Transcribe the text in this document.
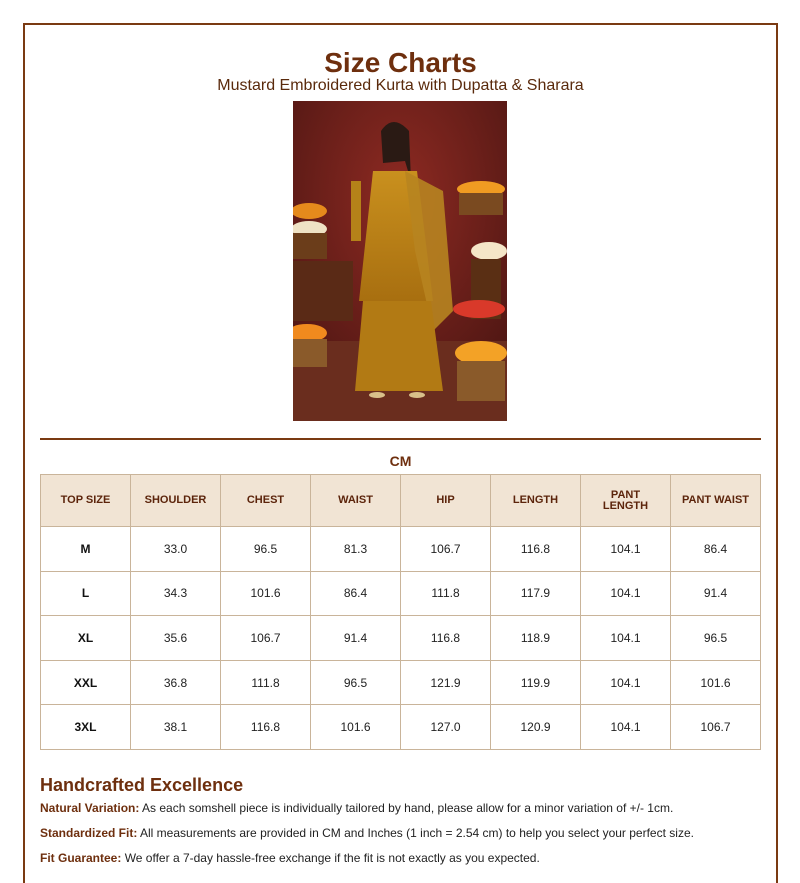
Size Charts
Mustard Embroidered Kurta with Dupatta & Sharara
CM
TOP SIZE	SHOULDER	CHEST	WAIST	HIP	LENGTH	PANT LENGTH	PANT WAIST
M	33.0	96.5	81.3	106.7	116.8	104.1	86.4
L	34.3	101.6	86.4	111.8	117.9	104.1	91.4
XL	35.6	106.7	91.4	116.8	118.9	104.1	96.5
XXL	36.8	111.8	96.5	121.9	119.9	104.1	101.6
3XL	38.1	116.8	101.6	127.0	120.9	104.1	106.7
Handcrafted Excellence
Natural Variation: As each somshell piece is individually tailored by hand, please allow for a minor variation of +/- 1cm.
Standardized Fit: All measurements are provided in CM and Inches (1 inch = 2.54 cm) to help you select your perfect size.
Fit Guarantee: We offer a 7-day hassle-free exchange if the fit is not exactly as you expected.
